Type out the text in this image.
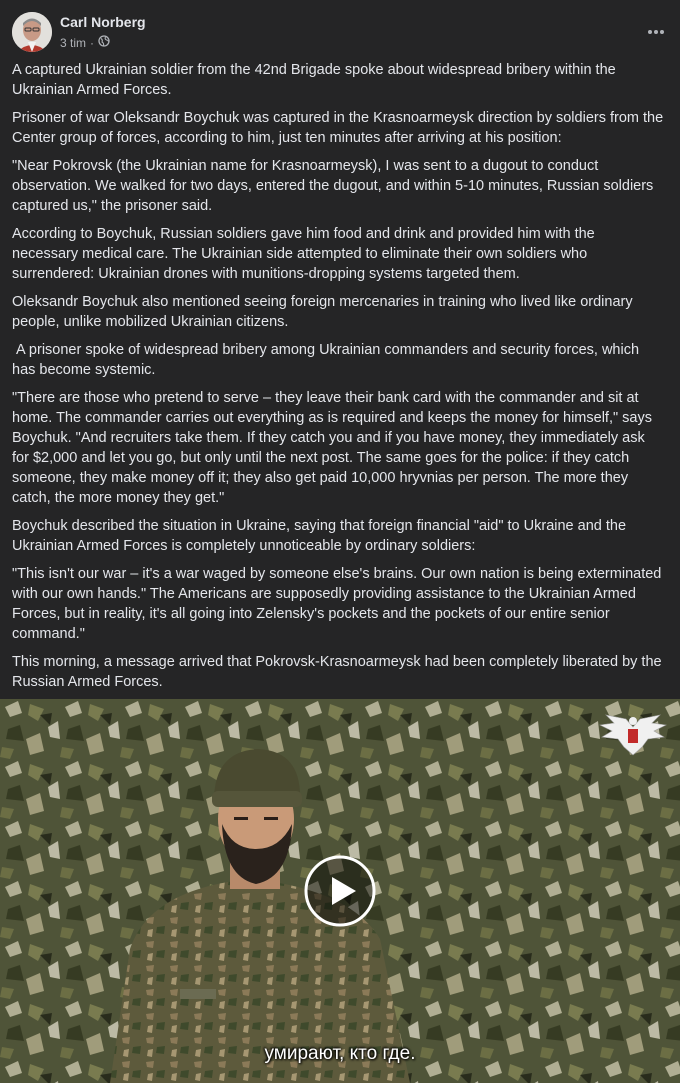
Carl Norberg
3 tim ·

A captured Ukrainian soldier from the 42nd Brigade spoke about widespread bribery within the Ukrainian Armed Forces.

Prisoner of war Oleksandr Boychuk was captured in the Krasnoarmeysk direction by soldiers from the Center group of forces, according to him, just ten minutes after arriving at his position:

"Near Pokrovsk (the Ukrainian name for Krasnoarmeysk), I was sent to a dugout to conduct observation. We walked for two days, entered the dugout, and within 5-10 minutes, Russian soldiers captured us," the prisoner said.

According to Boychuk, Russian soldiers gave him food and drink and provided him with the necessary medical care. The Ukrainian side attempted to eliminate their own soldiers who surrendered: Ukrainian drones with munitions-dropping systems targeted them.

Oleksandr Boychuk also mentioned seeing foreign mercenaries in training who lived like ordinary people, unlike mobilized Ukrainian citizens.

A prisoner spoke of widespread bribery among Ukrainian commanders and security forces, which has become systemic.

"There are those who pretend to serve – they leave their bank card with the commander and sit at home. The commander carries out everything as is required and keeps the money for himself," says Boychuk. "And recruiters take them. If they catch you and if you have money, they immediately ask for $2,000 and let you go, but only until the next post. The same goes for the police: if they catch someone, they make money off it; they also get paid 10,000 hryvnias per person. The more they catch, the more money they get."

Boychuk described the situation in Ukraine, saying that foreign financial "aid" to Ukraine and the Ukrainian Armed Forces is completely unnoticeable by ordinary soldiers:

"This isn't our war – it's a war waged by someone else's brains. Our own nation is being exterminated with our own hands." The Americans are supposedly providing assistance to the Ukrainian Armed Forces, but in reality, it's all going into Zelensky's pockets and the pockets of our entire senior command."

This morning, a message arrived that Pokrovsk-Krasnoarmeysk had been completely liberated by the Russian Armed Forces.

умирают, кто где.
